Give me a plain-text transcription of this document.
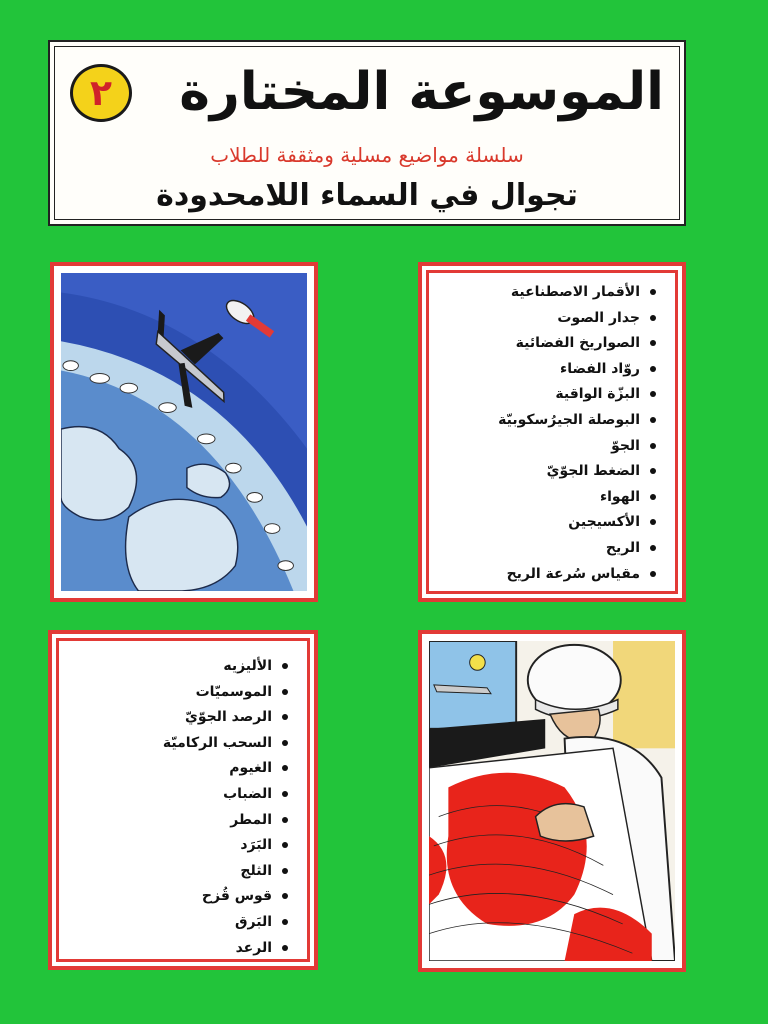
٢ الموسوعة المختارة
سلسلة مواضيع مسلية ومثقفة للطلاب
تجوال في السماء اللامحدودة
الأقمار الاصطناعية
جدار الصوت
الصواريخ الفضائية
روّاد الفضاء
البزّة الواقية
البوصلة الجيرُسكوبيّة
الجوّ
الضغط الجوّيّ
الهواء
الأكسيجين
الريح
مقياس سُرعة الريح
الأليزيه
الموسميّات
الرصد الجوّيّ
السحب الركاميّة
الغيوم
الضباب
المطر
البَرَد
الثلج
قوس قُزح
البَرق
الرعد
